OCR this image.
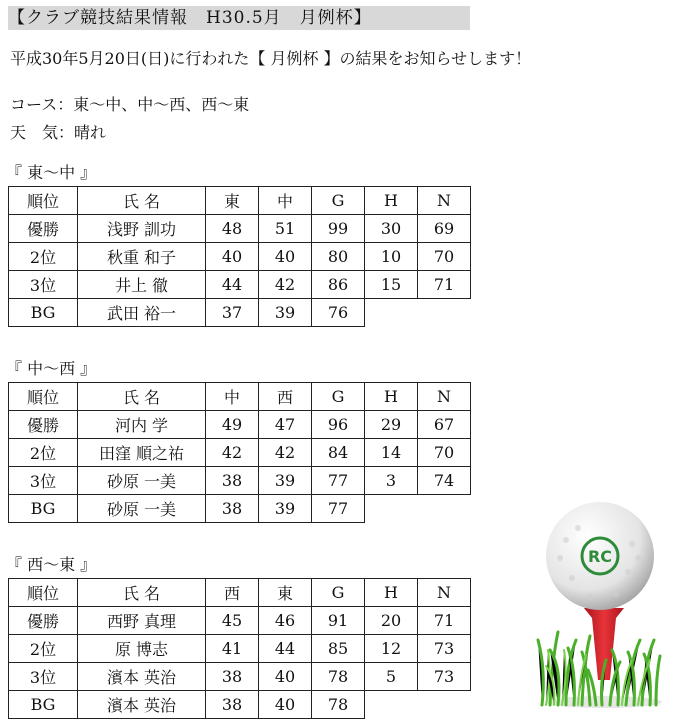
【クラブ競技結果情報　H30.5月　月例杯】
平成30年5月20日(日)に行われた【 月例杯 】の結果をお知らせします！
コース：東〜中、中〜西、西〜東
天　気：晴れ
『 東〜中 』
順位	氏 名	東	中	G	H	N
優勝	浅野 訓功	48	51	99	30	69
2位	秋重 和子	40	40	80	10	70
3位	井上 徹	44	42	86	15	71
BG	武田 裕一	37	39	76		
『 中〜西 』
順位	氏 名	中	西	G	H	N
優勝	河内 学	49	47	96	29	67
2位	田窪 順之祐	42	42	84	14	70
3位	砂原 一美	38	39	77	3	74
BG	砂原 一美	38	39	77		
『 西〜東 』
順位	氏 名	西	東	G	H	N
優勝	西野 真理	45	46	91	20	71
2位	原 博志	41	44	85	12	73
3位	濱本 英治	38	40	78	5	73
BG	濱本 英治	38	40	78		
RC
